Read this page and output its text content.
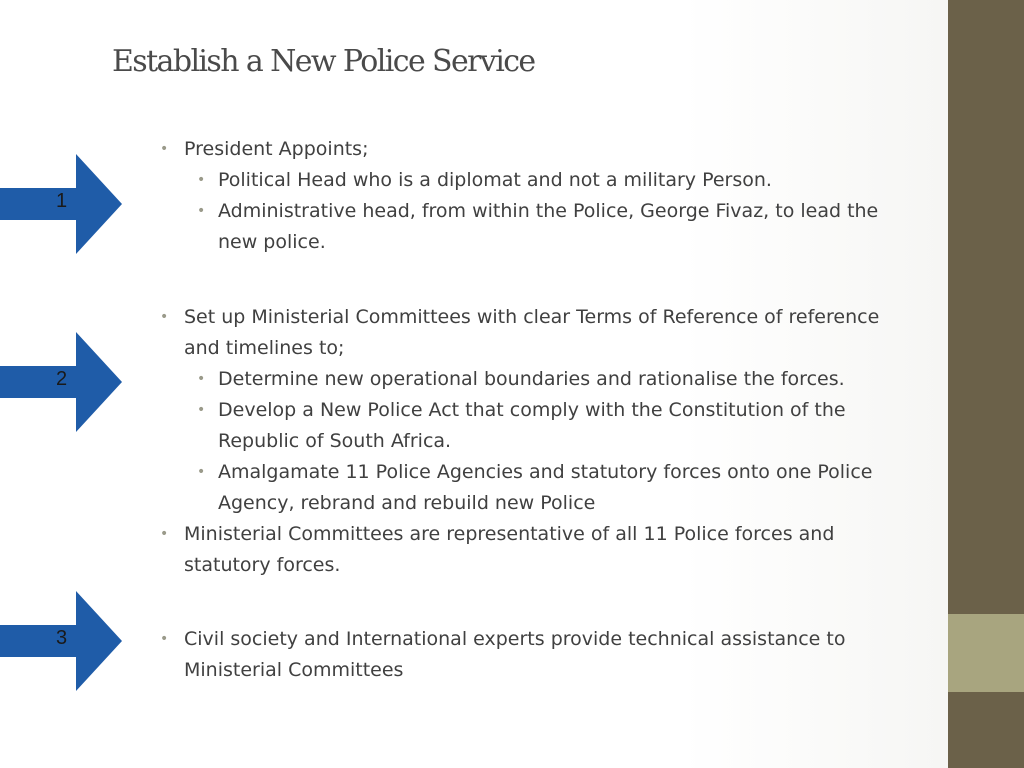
Establish a New Police Service
1
2
3
• President Appoints;
• Political Head who is a diplomat and not a military Person.
• Administrative head, from within the Police, George Fivaz, to lead the new police.
• Set up Ministerial Committees with clear Terms of Reference of reference and timelines to;
• Determine new operational boundaries and rationalise the forces.
• Develop a New Police Act that comply with the Constitution of the Republic of South Africa.
• Amalgamate 11 Police Agencies and statutory forces onto one Police Agency, rebrand and rebuild new Police
• Ministerial Committees are representative of all 11 Police forces and statutory forces.
• Civil society and International experts provide technical assistance to Ministerial Committees
